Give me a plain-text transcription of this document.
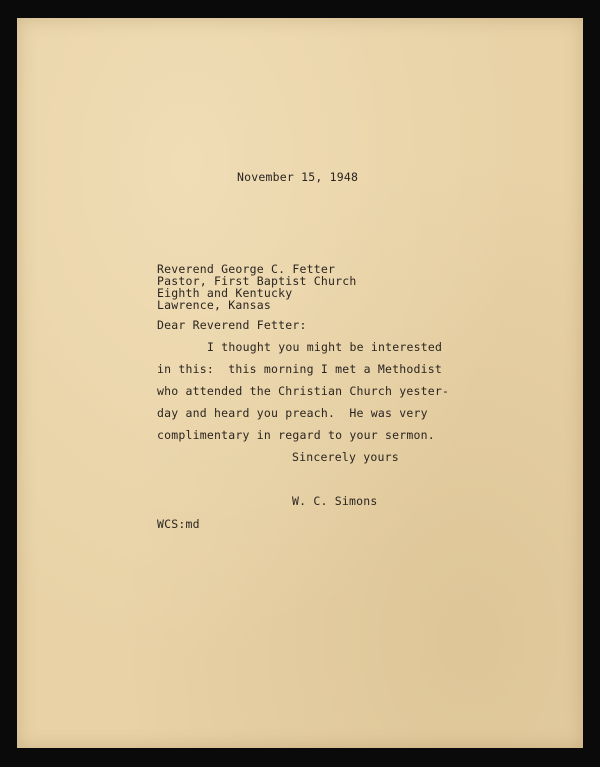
November 15, 1948
Reverend George C. Fetter
Pastor, First Baptist Church
Eighth and Kentucky
Lawrence, Kansas
Dear Reverend Fetter:
I thought you might be interested
in this:  this morning I met a Methodist
who attended the Christian Church yester-
day and heard you preach.  He was very
complimentary in regard to your sermon.
Sincerely yours
W. C. Simons
WCS:md
